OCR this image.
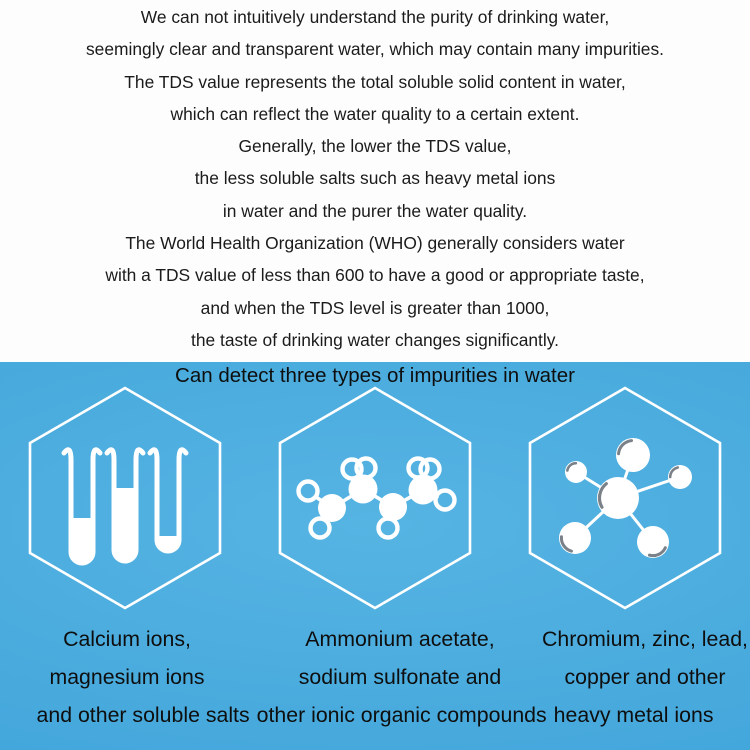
We can not intuitively understand the purity of drinking water,
seemingly clear and transparent water, which may contain many impurities.
The TDS value represents the total soluble solid content in water,
which can reflect the water quality to a certain extent.
Generally, the lower the TDS value,
the less soluble salts such as heavy metal ions
in water and the purer the water quality.
The World Health Organization (WHO) generally considers water
with a TDS value of less than 600 to have a good or appropriate taste,
and when the TDS level is greater than 1000,
the taste of drinking water changes significantly.
Can detect three types of impurities in water
Calcium ions,
magnesium ions
Ammonium acetate,
sodium sulfonate and
Chromium, zinc, lead,
copper and other
and other soluble salts other ionic organic compounds heavy metal ions
